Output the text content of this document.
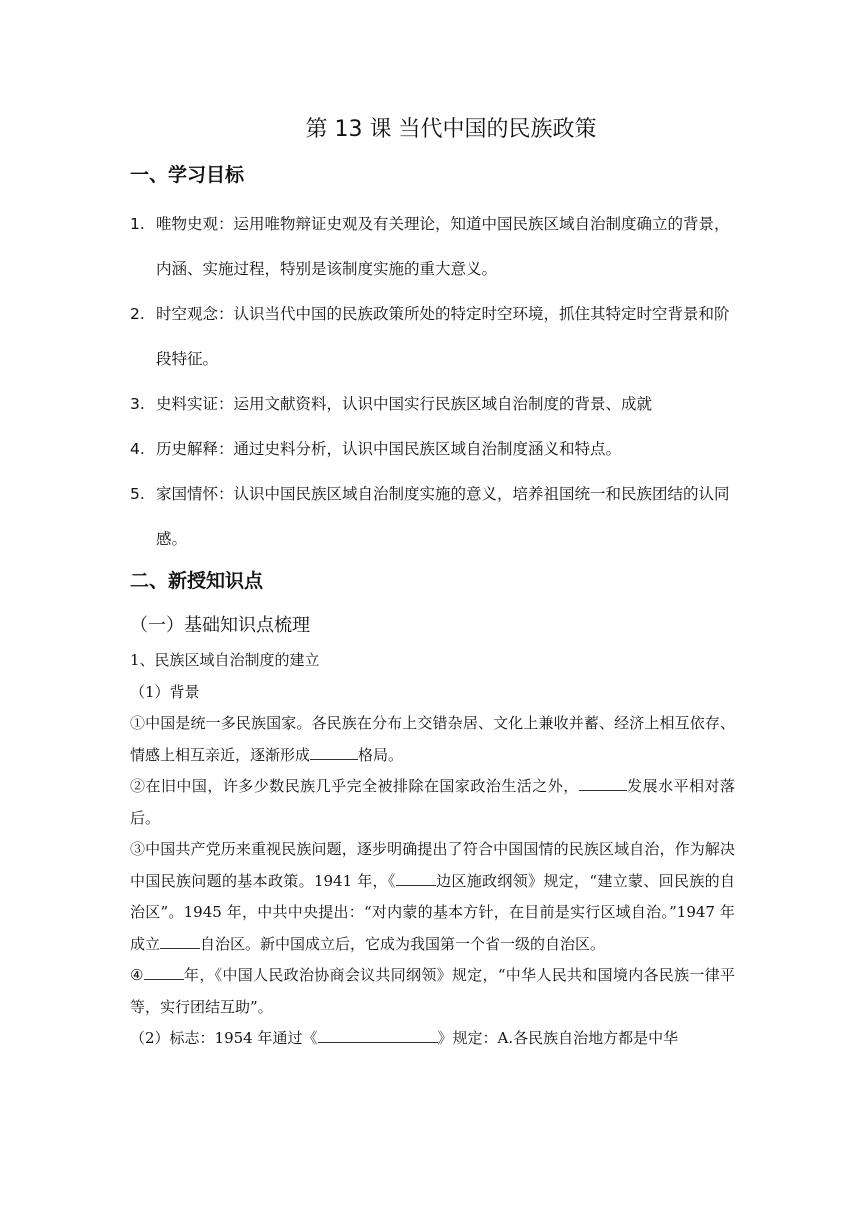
第 13 课 当代中国的民族政策
一、学习目标
1. 唯物史观：运用唯物辩证史观及有关理论，知道中国民族区域自治制度确立的背景，内涵、实施过程，特别是该制度实施的重大意义。
2. 时空观念：认识当代中国的民族政策所处的特定时空环境，抓住其特定时空背景和阶段特征。
3. 史料实证：运用文献资料，认识中国实行民族区域自治制度的背景、成就
4. 历史解释：通过史料分析，认识中国民族区域自治制度涵义和特点。
5. 家国情怀：认识中国民族区域自治制度实施的意义，培养祖国统一和民族团结的认同感。
二、新授知识点
（一）基础知识点梳理

1、民族区域自治制度的建立

（1）背景

①中国是统一多民族国家。各民族在分布上交错杂居、文化上兼收并蓄、经济上相互依存、情感上相互亲近，逐渐形成	格局。

②在旧中国，许多少数民族几乎完全被排除在国家政治生活之外，	发展水平相对落后。

③中国共产党历来重视民族问题，逐步明确提出了符合中国国情的民族区域自治，作为解决中国民族问题的基本政策。1941 年，《	边区施政纲领》规定，“建立蒙、回民族的自治区”。1945 年，中共中央提出：“对内蒙的基本方针，在目前是实行区域自治。”1947 年成立	自治区。新中国成立后，它成为我国第一个省一级的自治区。

④	年，《中国人民政治协商会议共同纲领》规定，“中华人民共和国境内各民族一律平等，实行团结互助”。

（2）标志：1954 年通过《	》规定：A.各民族自治地方都是中华
